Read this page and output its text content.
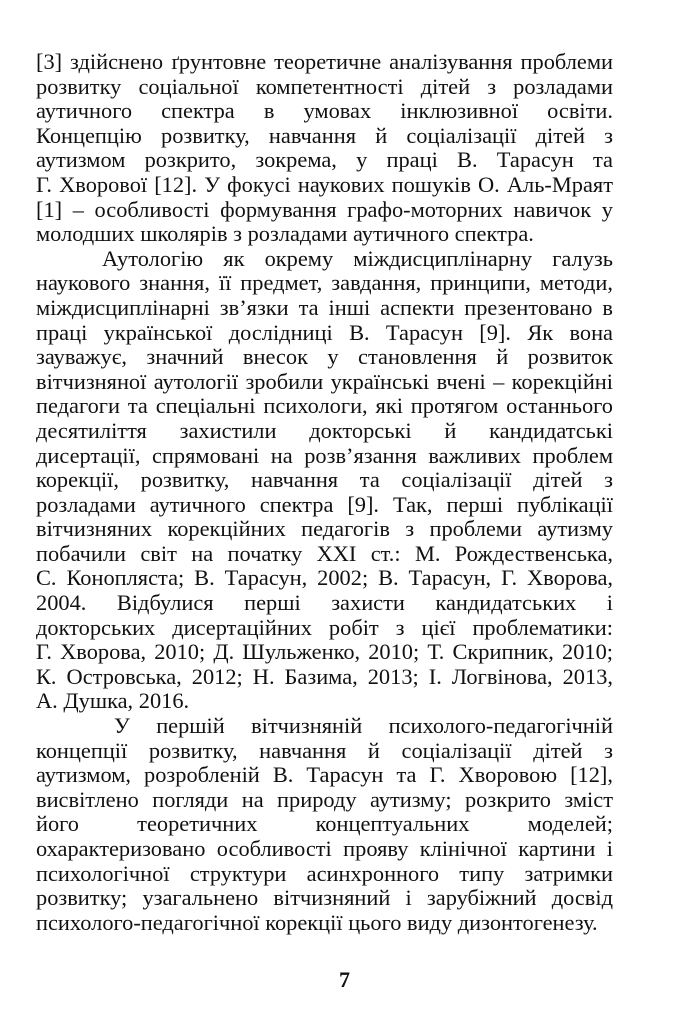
[3] здійснено ґрунтовне теоретичне аналізування проблеми
розвитку соціальної компетентності дітей з розладами
аутичного спектра в умовах інклюзивної освіти.
Концепцію розвитку, навчання й соціалізації дітей з
аутизмом розкрито, зокрема, у праці В. Тарасун та
Г. Хворової [12]. У фокусі наукових пошуків О. Аль-Мраят
[1] – особливості формування графо-моторних навичок у
молодших школярів з розладами аутичного спектра.
Аутологію як окрему міждисциплінарну галузь
наукового знання, її предмет, завдання, принципи, методи,
міждисциплінарні зв’язки та інші аспекти презентовано в
праці української дослідниці В. Тарасун [9]. Як вона
зауважує, значний внесок у становлення й розвиток
вітчизняної аутології зробили українські вчені – корекційні
педагоги та спеціальні психологи, які протягом останнього
десятиліття захистили докторські й кандидатські
дисертації, спрямовані на розв’язання важливих проблем
корекції, розвитку, навчання та соціалізації дітей з
розладами аутичного спектра [9]. Так, перші публікації
вітчизняних корекційних педагогів з проблеми аутизму
побачили світ на початку XXI ст.: М. Рождественська,
С. Конопляста; В. Тарасун, 2002; В. Тарасун, Г. Хворова,
2004. Відбулися перші захисти кандидатських і
докторських дисертаційних робіт з цієї проблематики:
Г. Хворова, 2010; Д. Шульженко, 2010; Т. Скрипник, 2010;
К. Островська, 2012; Н. Базима, 2013; І. Логвінова, 2013,
А. Душка, 2016.
У першій вітчизняній психолого-педагогічній
концепції розвитку, навчання й соціалізації дітей з
аутизмом, розробленій В. Тарасун та Г. Хворовою [12],
висвітлено погляди на природу аутизму; розкрито зміст
його теоретичних концептуальних моделей;
охарактеризовано особливості прояву клінічної картини і
психологічної структури асинхронного типу затримки
розвитку; узагальнено вітчизняний і зарубіжний досвід
психолого-педагогічної корекції цього виду дизонтогенезу.
7
